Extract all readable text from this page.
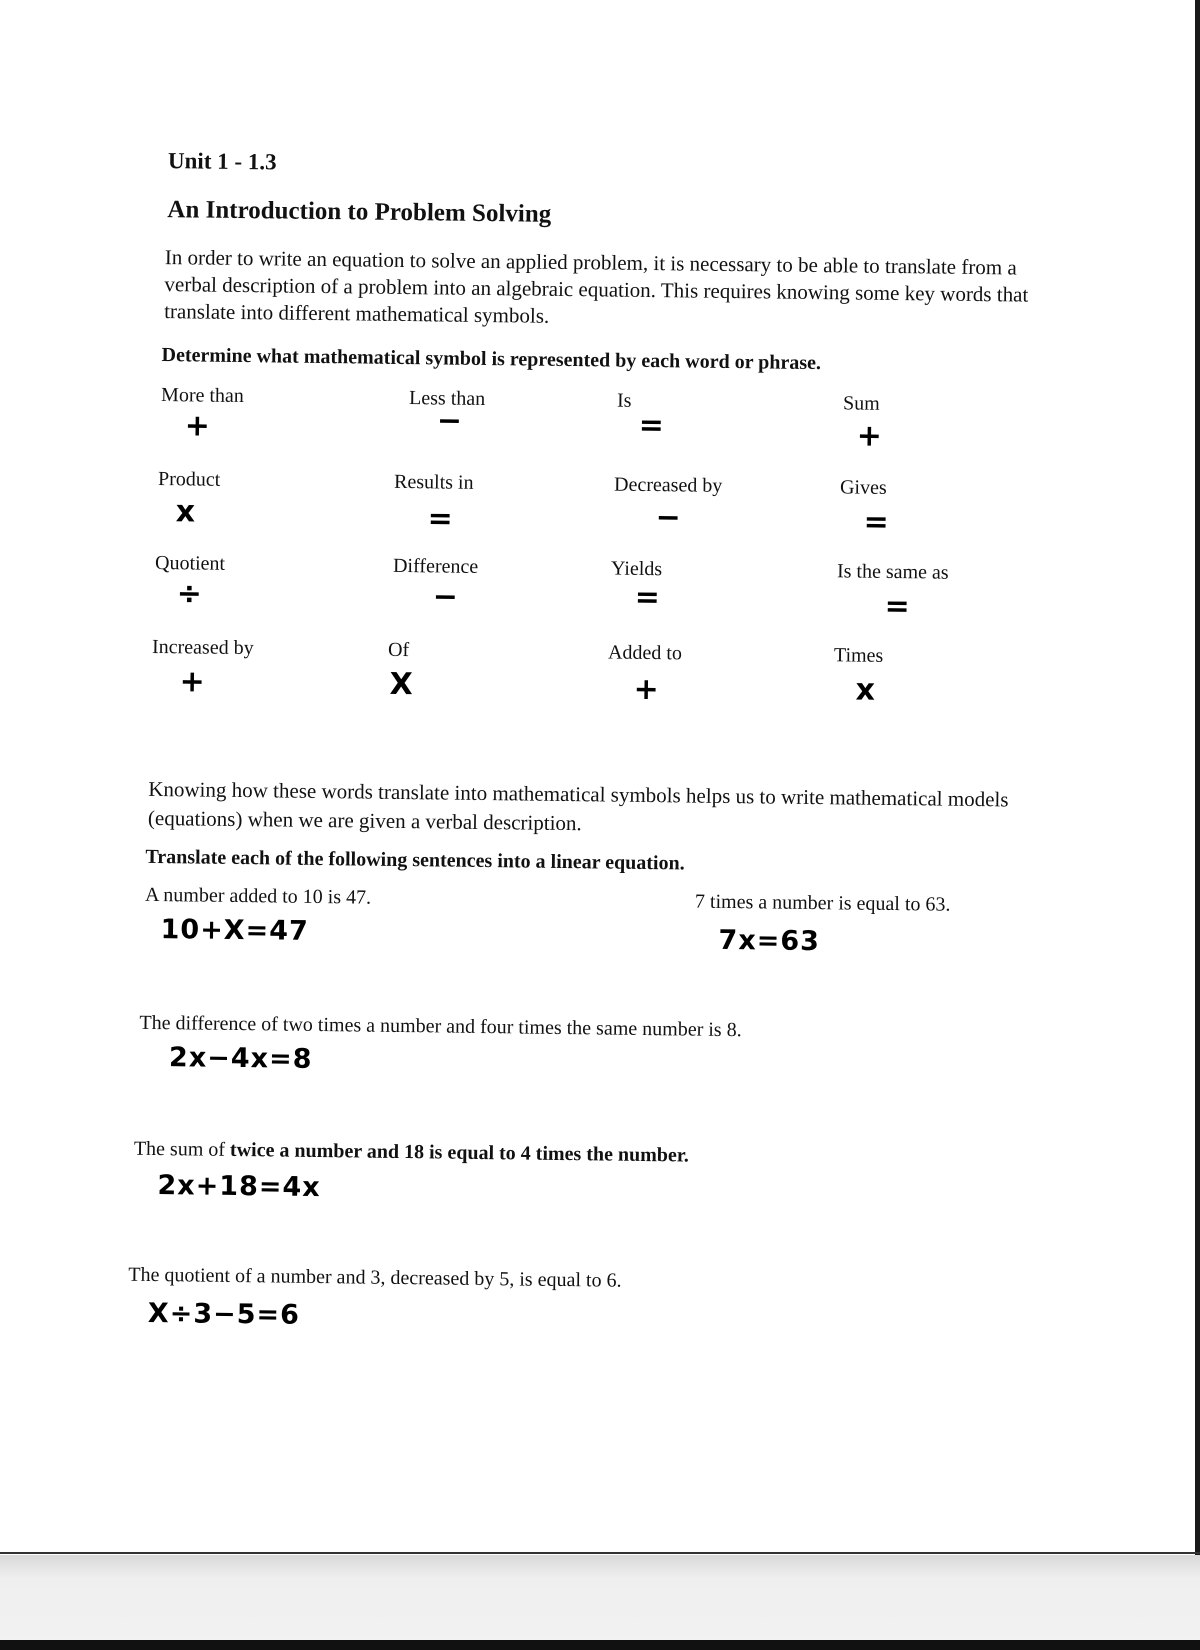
Unit 1 - 1.3
An Introduction to Problem Solving
In order to write an equation to solve an applied problem, it is necessary to be able to translate from a verbal description of a problem into an algebraic equation. This requires knowing some key words that translate into different mathematical symbols.
Determine what mathematical symbol is represented by each word or phrase.
More than
+
Less than
−
Is
=
Sum
+
Product
x
Results in
=
Decreased by
−
Gives
=
Quotient
÷
Difference
−
Yields
=
Is the same as
=
Increased by
+
Of
X
Added to
+
Times
x
Knowing how these words translate into mathematical symbols helps us to write mathematical models (equations) when we are given a verbal description.
Translate each of the following sentences into a linear equation.
A number added to 10 is 47.
10+X=47
7 times a number is equal to 63.
7x=63
The difference of two times a number and four times the same number is 8.
2x−4x=8
The sum of twice a number and 18 is equal to 4 times the number.
2x+18=4x
The quotient of a number and 3, decreased by 5, is equal to 6.
X÷3−5=6
